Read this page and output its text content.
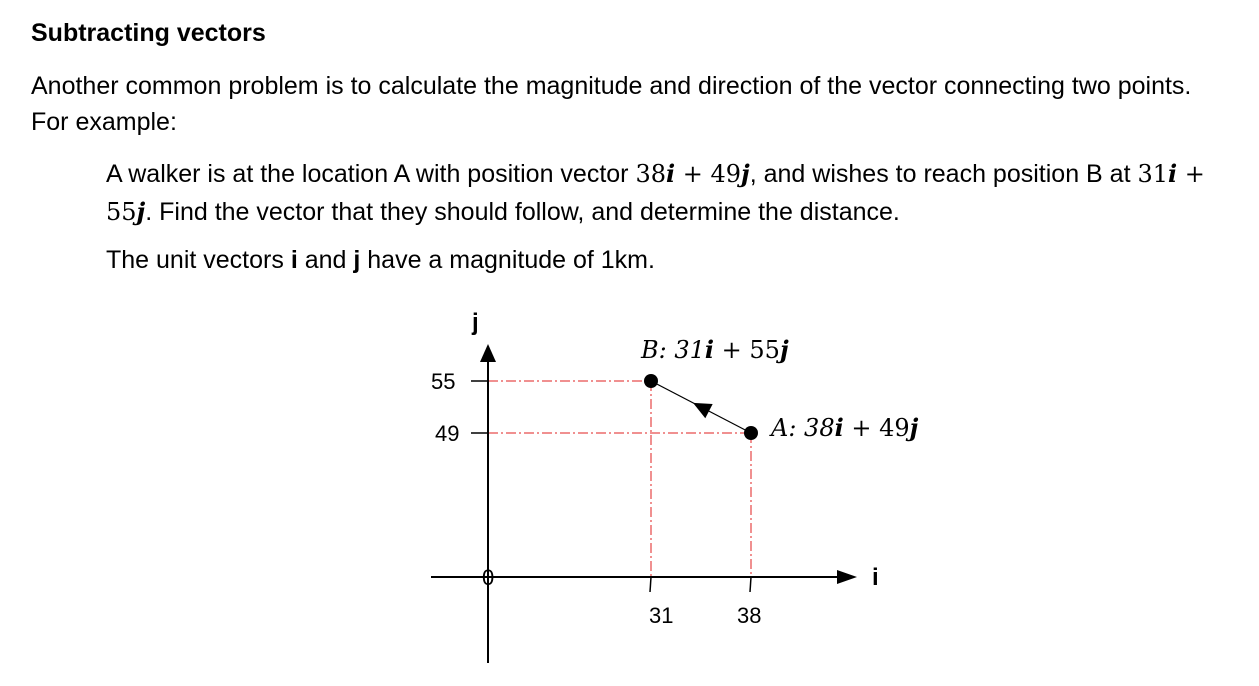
Subtracting vectors

Another common problem is to calculate the magnitude and direction of the vector connecting two points. For example:

A walker is at the location A with position vector 38i + 49j, and wishes to reach position B at 31i + 55j. Find the vector that they should follow, and determine the distance.

The unit vectors i and j have a magnitude of 1km.

j
i
0
55
49
31	38
B: 31i + 55j
A: 38i + 49j
